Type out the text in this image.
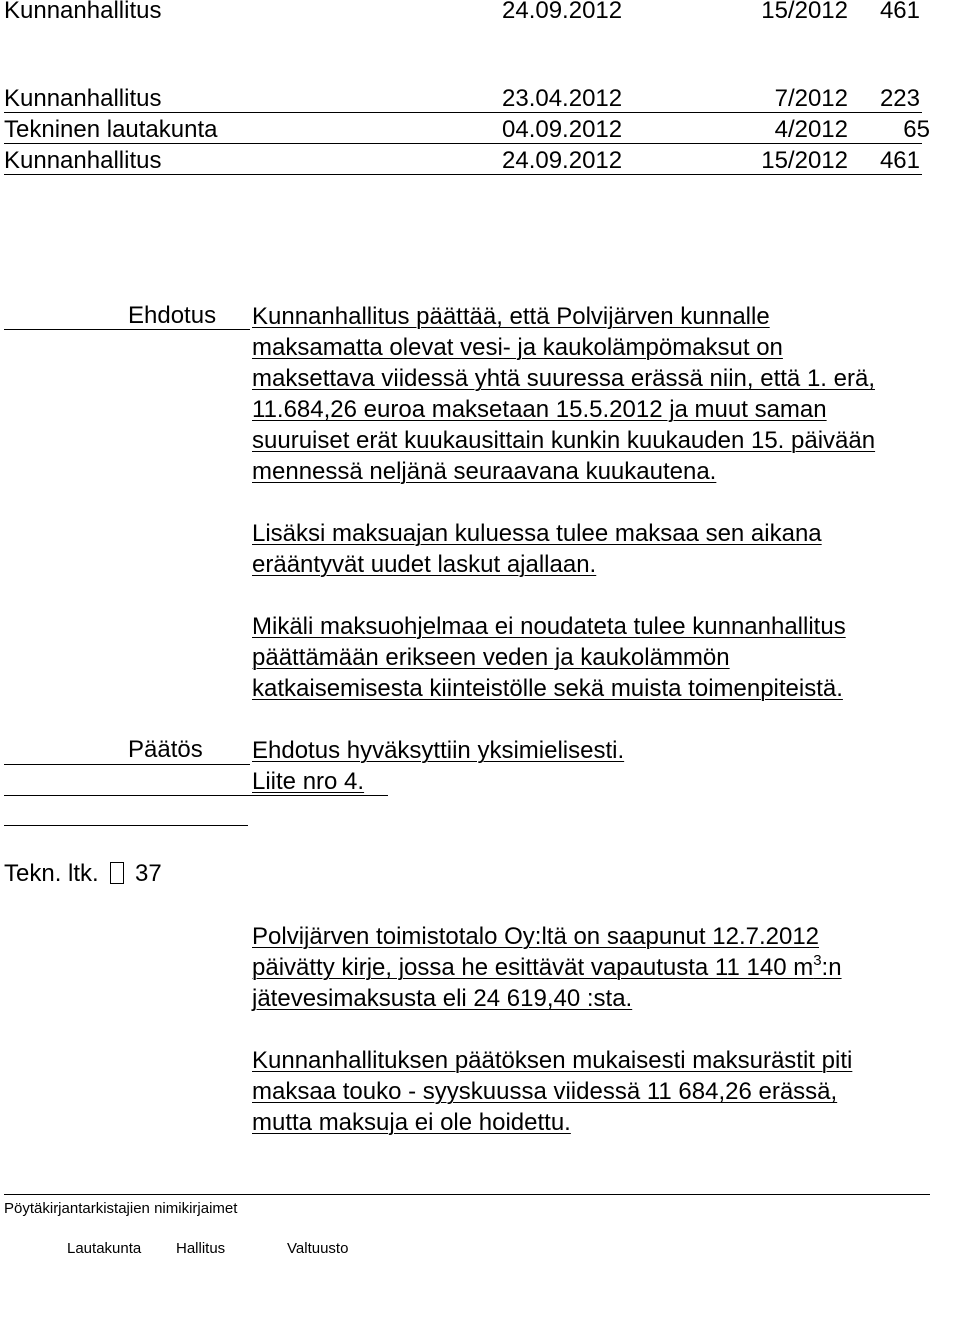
Kunnanhallitus	24.09.2012	15/2012 461
Kunnanhallitus	23.04.2012	7/2012 223
Tekninen lautakunta	04.09.2012	4/2012 65
Kunnanhallitus	24.09.2012	15/2012 461
Ehdotus Kunnanhallitus päättää, että Polvijärven kunnalle
maksamatta olevat vesi- ja kaukolämpömaksut on
maksettava viidessä yhtä suuressa erässä niin, että 1. erä,
11.684,26 euroa maksetaan 15.5.2012 ja muut saman
suuruiset erät kuukausittain kunkin kuukauden 15. päivään
mennessä neljänä seuraavana kuukautena.
Lisäksi maksuajan kuluessa tulee maksaa sen aikana
erääntyvät uudet laskut ajallaan.
Mikäli maksuohjelmaa ei noudateta tulee kunnanhallitus
päättämään erikseen veden ja kaukolämmön
katkaisemisesta kiinteistölle sekä muista toimenpiteistä.
Päätös Ehdotus hyväksyttiin yksimielisesti.
Liite nro 4.
Tekn. ltk. 37
Polvijärven toimistotalo Oy:ltä on saapunut 12.7.2012
päivätty kirje, jossa he esittävät vapautusta 11 140 $m^3:n$
jätevesimaksusta eli 24 619,40 :sta.
Kunnanhallituksen päätöksen mukaisesti maksurästit piti
maksaa touko - syyskuussa viidessä 11 684,26 erässä,
mutta maksuja ei ole hoidettu.
Pöytäkirjantarkistajien nimikirjaimet
Lautakunta Hallitus	Valtuusto
